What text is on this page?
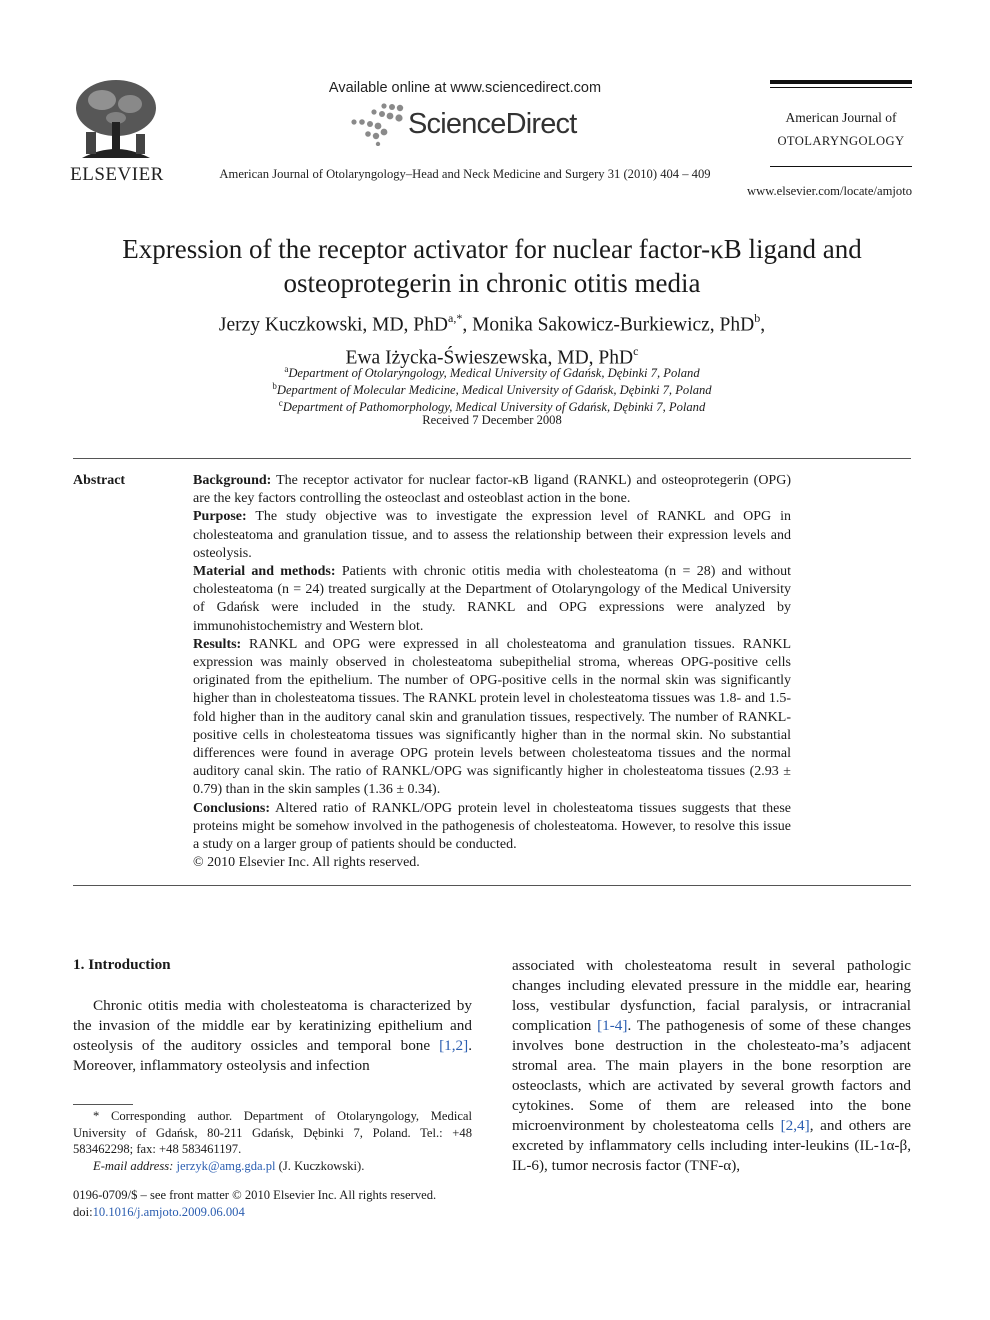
ELSEVIER
Available online at www.sciencedirect.com
ScienceDirect
American Journal of Otolaryngology–Head and Neck Medicine and Surgery 31 (2010) 404 – 409
American Journal of
OTOLARYNGOLOGY
www.elsevier.com/locate/amjoto
Expression of the receptor activator for nuclear factor-κB ligand and osteoprotegerin in chronic otitis media
Jerzy Kuczkowski, MD, PhD$^{a,*}$, Monika Sakowicz-Burkiewicz, PhD$^b$,
Ewa Iżycka-Świeszewska, MD, PhD$^c$
$^a$Department of Otolaryngology, Medical University of Gdańsk, Dębinki 7, Poland
$^b$Department of Molecular Medicine, Medical University of Gdańsk, Dębinki 7, Poland
$^c$Department of Pathomorphology, Medical University of Gdańsk, Dębinki 7, Poland
Received 7 December 2008
Abstract	Background: The receptor activator for nuclear factor-κB ligand (RANKL) and osteoprotegerin (OPG) are the key factors controlling the osteoclast and osteoblast action in the bone.

Purpose: The study objective was to investigate the expression level of RANKL and OPG in cholesteatoma and granulation tissue, and to assess the relationship between their expression levels and osteolysis.

Material and methods: Patients with chronic otitis media with cholesteatoma (n = 28) and without cholesteatoma (n = 24) treated surgically at the Department of Otolaryngology of the Medical University of Gdańsk were included in the study. RANKL and OPG expressions were analyzed by immunohistochemistry and Western blot.

Results: RANKL and OPG were expressed in all cholesteatoma and granulation tissues. RANKL expression was mainly observed in cholesteatoma subepithelial stroma, whereas OPG-positive cells originated from the epithelium. The number of OPG-positive cells in the normal skin was significantly higher than in cholesteatoma tissues. The RANKL protein level in cholesteatoma tissues was 1.8- and 1.5-fold higher than in the auditory canal skin and granulation tissues, respectively. The number of RANKL-positive cells in cholesteatoma tissues was significantly higher than in the normal skin. No substantial differences were found in average OPG protein levels between cholesteatoma tissues and the normal auditory canal skin. The ratio of RANKL/OPG was significantly higher in cholesteatoma tissues (2.93 ± 0.79) than in the skin samples (1.36 ± 0.34).

Conclusions: Altered ratio of RANKL/OPG protein level in cholesteatoma tissues suggests that these proteins might be somehow involved in the pathogenesis of cholesteatoma. However, to resolve this issue a study on a larger group of patients should be conducted.

© 2010 Elsevier Inc. All rights reserved.

1. Introduction
Chronic otitis media with cholesteatoma is characterized by the invasion of the middle ear by keratinizing epithelium and osteolysis of the auditory ossicles and temporal bone [1,2]. Moreover, inflammatory osteolysis and infection
associated with cholesteatoma result in several pathologic changes including elevated pressure in the middle ear, hearing loss, vestibular dysfunction, facial paralysis, or intracranial complication [1-4]. The pathogenesis of some of these changes involves bone destruction in the cholesteato-ma’s adjacent stromal area. The main players in the bone resorption are osteoclasts, which are activated by several growth factors and cytokines. Some of them are released into the bone microenvironment by cholesteatoma cells [2,4], and others are excreted by inflammatory cells including inter-leukins (IL-1α-β, IL-6), tumor necrosis factor (TNF-α),
* Corresponding author. Department of Otolaryngology, Medical University of Gdańsk, 80-211 Gdańsk, Dębinki 7, Poland. Tel.: +48 583462298; fax: +48 583461197.
E-mail address: jerzyk@amg.gda.pl (J. Kuczkowski).
0196-0709/$ – see front matter © 2010 Elsevier Inc. All rights reserved.
doi:10.1016/j.amjoto.2009.06.004
